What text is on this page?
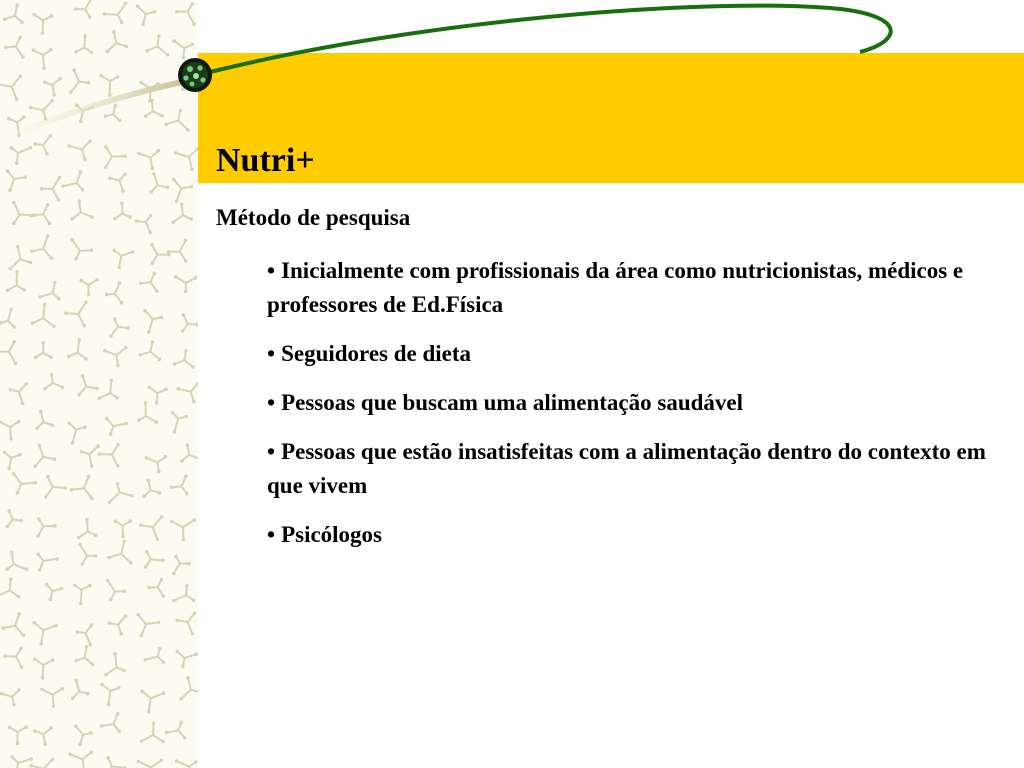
Nutri+

Método de pesquisa

• Inicialmente com profissionais da área como nutricionistas, médicos e professores de Ed.Física
• Seguidores de dieta
• Pessoas que buscam uma alimentação saudável
• Pessoas que estão insatisfeitas com a alimentação dentro do contexto em que vivem
• Psicólogos
